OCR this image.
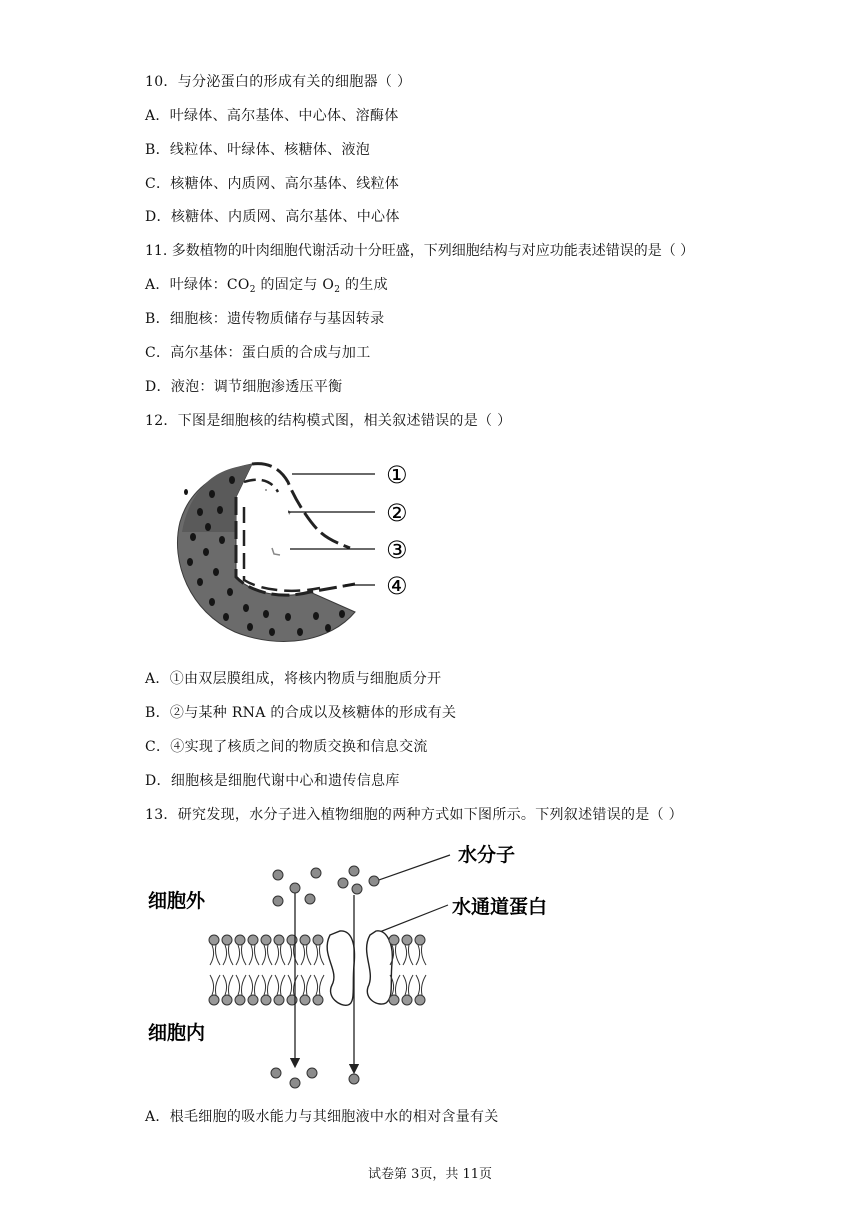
10．与分泌蛋白的形成有关的细胞器（ ）
A．叶绿体、高尔基体、中心体、溶酶体
B．线粒体、叶绿体、核糖体、液泡
C．核糖体、内质网、高尔基体、线粒体
D．核糖体、内质网、高尔基体、中心体
11. 多数植物的叶肉细胞代谢活动十分旺盛，下列细胞结构与对应功能表述错误的是（ ）
A．叶绿体：$CO_2$ 的固定与 $O_2$ 的生成
B．细胞核：遗传物质储存与基因转录
C．高尔基体：蛋白质的合成与加工
D．液泡：调节细胞渗透压平衡
12．下图是细胞核的结构模式图，相关叙述错误的是（ ）
①
②
③
④
A．①由双层膜组成，将核内物质与细胞质分开
B．②与某种 RNA 的合成以及核糖体的形成有关
C．④实现了核质之间的物质交换和信息交流
D．细胞核是细胞代谢中心和遗传信息库
13．研究发现，水分子进入植物细胞的两种方式如下图所示。下列叙述错误的是（ ）
水分子
水通道蛋白
细胞外
细胞内
A．根毛细胞的吸水能力与其细胞液中水的相对含量有关
试卷第 3页，共 11页
